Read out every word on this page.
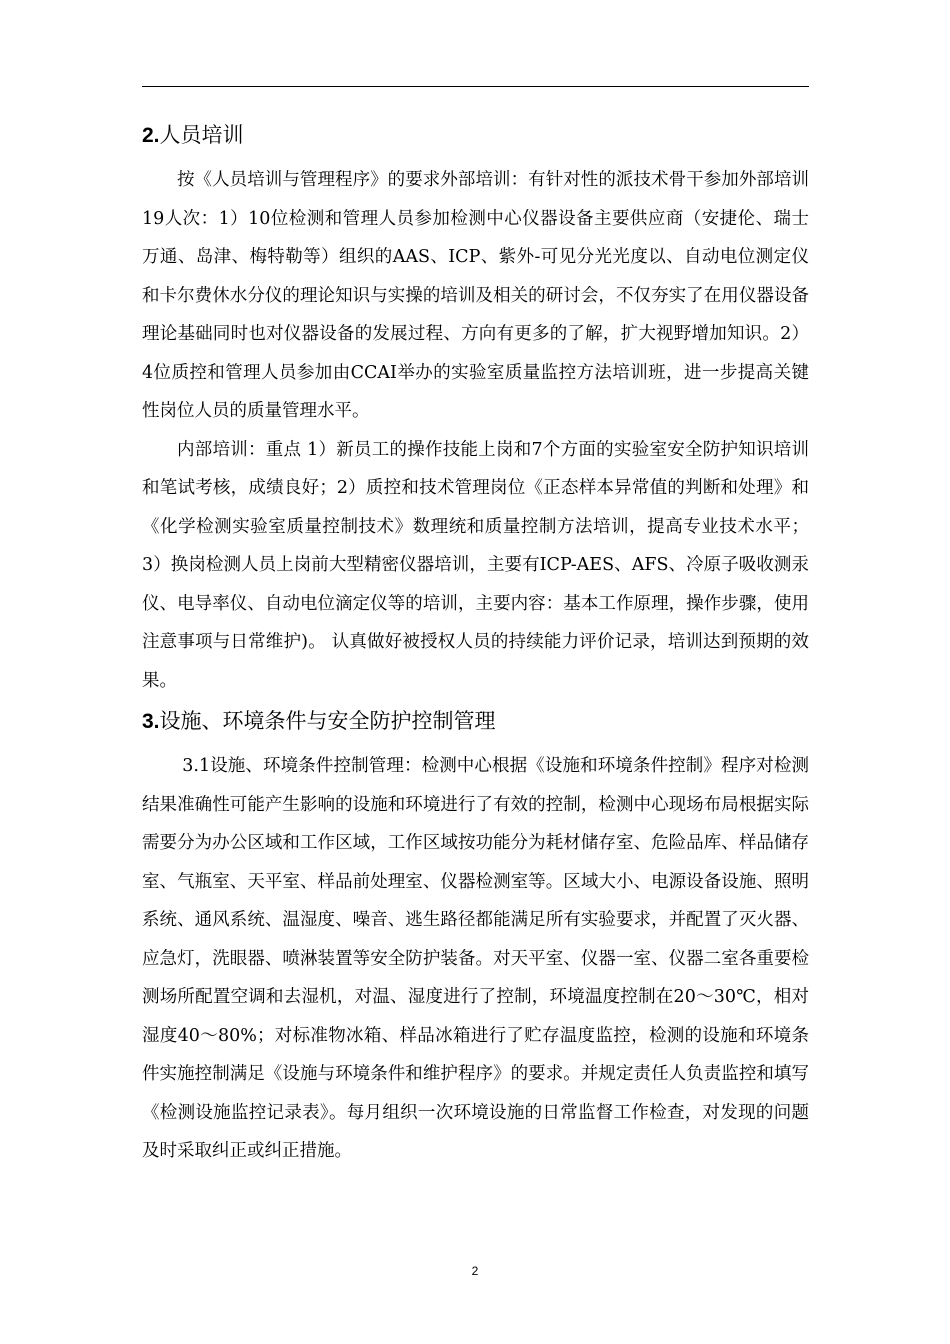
2.人员培训

按《人员培训与管理程序》的要求外部培训：有针对性的派技术骨干参加外部培训19人次：1）10位检测和管理人员参加检测中心仪器设备主要供应商（安捷伦、瑞士万通、岛津、梅特勒等）组织的AAS、ICP、紫外-可见分光光度以、自动电位测定仪和卡尔费休水分仪的理论知识与实操的培训及相关的研讨会，不仅夯实了在用仪器设备理论基础同时也对仪器设备的发展过程、方向有更多的了解，扩大视野增加知识。2）4位质控和管理人员参加由CCAI举办的实验室质量监控方法培训班，进一步提高关键性岗位人员的质量管理水平。

内部培训：重点 1）新员工的操作技能上岗和7个方面的实验室安全防护知识培训和笔试考核，成绩良好；2）质控和技术管理岗位《正态样本异常值的判断和处理》和《化学检测实验室质量控制技术》数理统和质量控制方法培训，提高专业技术水平；3）换岗检测人员上岗前大型精密仪器培训，主要有ICP-AES、AFS、冷原子吸收测汞仪、电导率仪、自动电位滴定仪等的培训，主要内容：基本工作原理，操作步骤，使用注意事项与日常维护)。 认真做好被授权人员的持续能力评价记录，培训达到预期的效果。

3.设施、环境条件与安全防护控制管理

3.1设施、环境条件控制管理：检测中心根据《设施和环境条件控制》程序对检测结果准确性可能产生影响的设施和环境进行了有效的控制，检测中心现场布局根据实际需要分为办公区域和工作区域，工作区域按功能分为耗材储存室、危险品库、样品储存室、气瓶室、天平室、样品前处理室、仪器检测室等。区域大小、电源设备设施、照明系统、通风系统、温湿度、噪音、逃生路径都能满足所有实验要求，并配置了灭火器、应急灯，洗眼器、喷淋装置等安全防护装备。对天平室、仪器一室、仪器二室各重要检测场所配置空调和去湿机，对温、湿度进行了控制，环境温度控制在20～30℃，相对湿度40～80%；对标准物冰箱、样品冰箱进行了贮存温度监控，检测的设施和环境条件实施控制满足《设施与环境条件和维护程序》的要求。并规定责任人负责监控和填写《检测设施监控记录表》。每月组织一次环境设施的日常监督工作检查，对发现的问题及时采取纠正或纠正措施。

2
